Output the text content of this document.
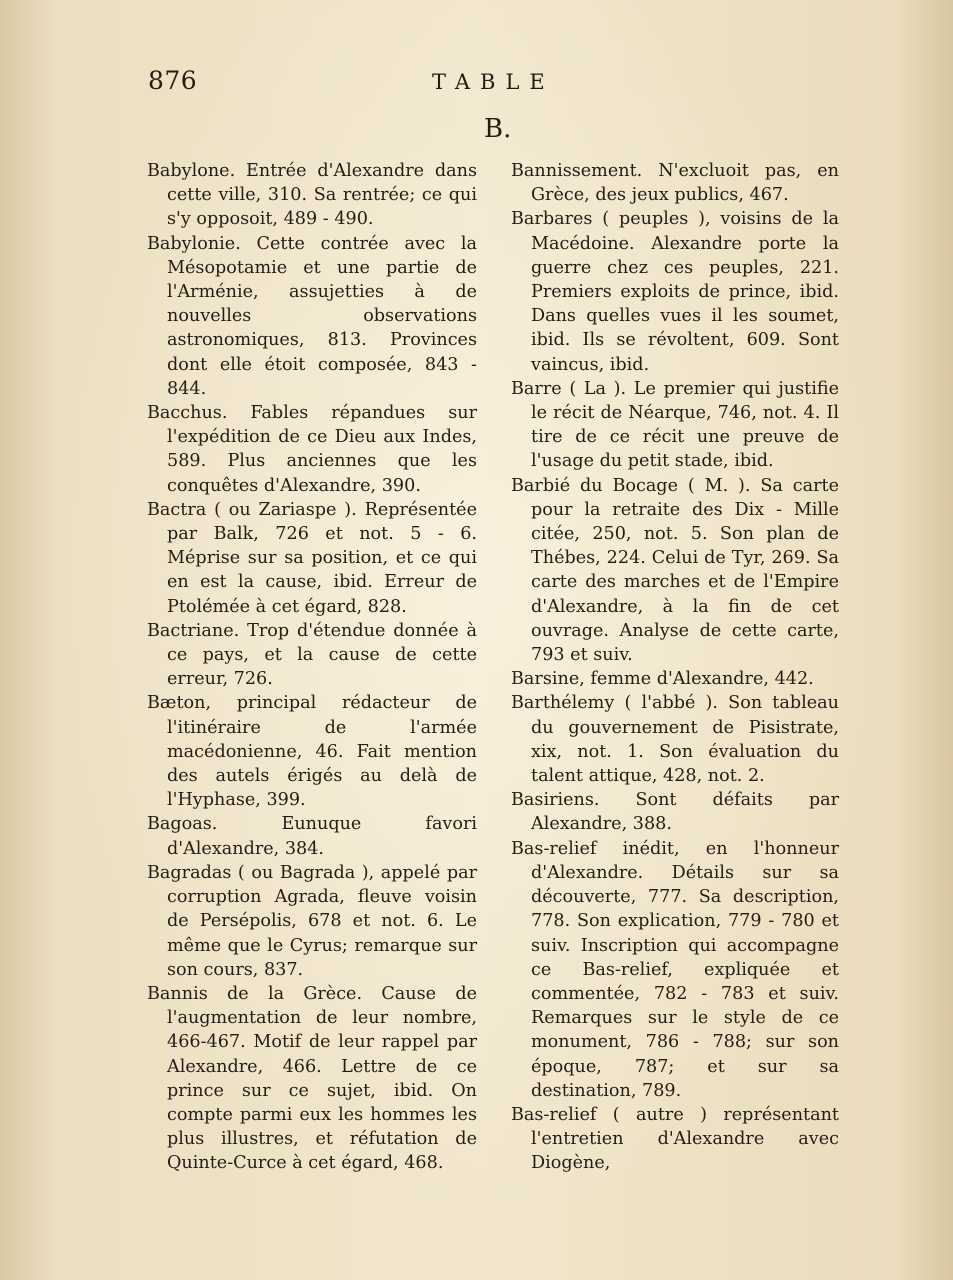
876	TABLE
B.

Babylone. Entrée d'Alexandre dans cette ville, 310. Sa rentrée; ce qui s'y opposoit, 489 - 490.

Babylonie. Cette contrée avec la Mésopotamie et une partie de l'Arménie, assujetties à de nouvelles observations astronomiques, 813. Provinces dont elle étoit composée, 843 - 844.

Bacchus. Fables répandues sur l'expédition de ce Dieu aux Indes, 589. Plus anciennes que les conquêtes d'Alexandre, 390.

Bactra ( ou Zariaspe ). Représentée par Balk, 726 et not. 5 - 6. Méprise sur sa position, et ce qui en est la cause, ibid. Erreur de Ptolémée à cet égard, 828.

Bactriane. Trop d'étendue donnée à ce pays, et la cause de cette erreur, 726.

Bæton, principal rédacteur de l'itinéraire de l'armée macédonienne, 46. Fait mention des autels érigés au delà de l'Hyphase, 399.

Bagoas. Eunuque favori d'Alexandre, 384.

Bagradas ( ou Bagrada ), appelé par corruption Agrada, fleuve voisin de Persépolis, 678 et not. 6. Le même que le Cyrus; remarque sur son cours, 837.

Bannis de la Grèce. Cause de l'augmentation de leur nombre, 466-467. Motif de leur rappel par Alexandre, 466. Lettre de ce prince sur ce sujet, ibid. On compte parmi eux les hommes les plus illustres, et réfutation de Quinte-Curce à cet égard, 468.

Bannissement. N'excluoit pas, en Grèce, des jeux publics, 467.

Barbares ( peuples ), voisins de la Macédoine. Alexandre porte la guerre chez ces peuples, 221. Premiers exploits de prince, ibid. Dans quelles vues il les soumet, ibid. Ils se révoltent, 609. Sont vaincus, ibid.

Barre ( La ). Le premier qui justifie le récit de Néarque, 746, not. 4. Il tire de ce récit une preuve de l'usage du petit stade, ibid.

Barbié du Bocage ( M. ). Sa carte pour la retraite des Dix - Mille citée, 250, not. 5. Son plan de Thébes, 224. Celui de Tyr, 269. Sa carte des marches et de l'Empire d'Alexandre, à la fin de cet ouvrage. Analyse de cette carte, 793 et suiv.

Barsine, femme d'Alexandre, 442.

Barthélemy ( l'abbé ). Son tableau du gouvernement de Pisistrate, xix, not. 1. Son évaluation du talent attique, 428, not. 2.

Basiriens. Sont défaits par Alexandre, 388.

Bas-relief inédit, en l'honneur d'Alexandre. Détails sur sa découverte, 777. Sa description, 778. Son explication, 779 - 780 et suiv. Inscription qui accompagne ce Bas-relief, expliquée et commentée, 782 - 783 et suiv. Remarques sur le style de ce monument, 786 - 788; sur son époque, 787; et sur sa destination, 789.

Bas-relief ( autre ) représentant l'entretien d'Alexandre avec Diogène,
